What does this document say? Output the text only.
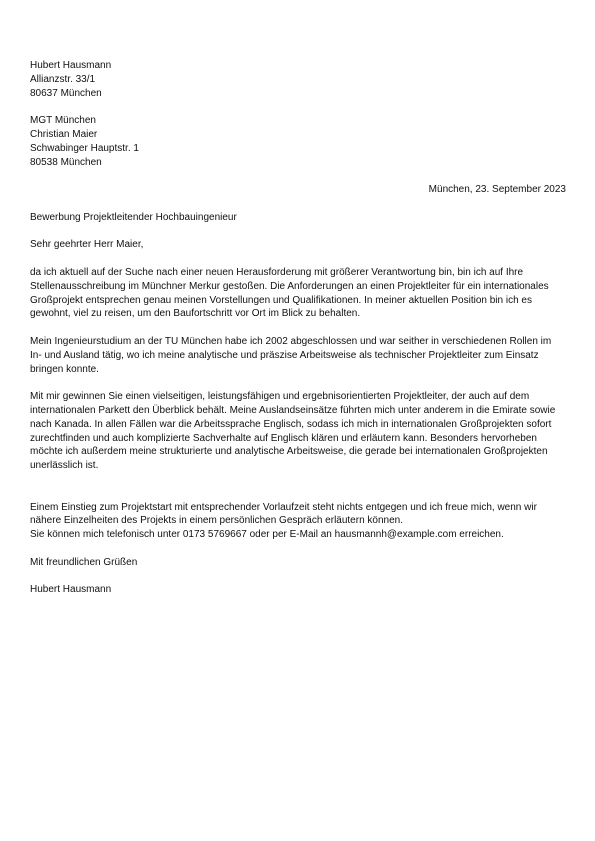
Hubert Hausmann
Allianzstr. 33/1
80637 München
MGT München
Christian Maier
Schwabinger Hauptstr. 1
80538 München
München, 23. September 2023
Bewerbung Projektleitender Hochbauingenieur
Sehr geehrter Herr Maier,
da ich aktuell auf der Suche nach einer neuen Herausforderung mit größerer Verantwortung bin, bin ich auf Ihre
Stellenausschreibung im Münchner Merkur gestoßen. Die Anforderungen an einen Projektleiter für ein internationales
Großprojekt entsprechen genau meinen Vorstellungen und Qualifikationen. In meiner aktuellen Position bin ich es
gewohnt, viel zu reisen, um den Baufortschritt vor Ort im Blick zu behalten.
Mein Ingenieurstudium an der TU München habe ich 2002 abgeschlossen und war seither in verschiedenen Rollen im
In- und Ausland tätig, wo ich meine analytische und präszise Arbeitsweise als technischer Projektleiter zum Einsatz
bringen konnte.
Mit mir gewinnen Sie einen vielseitigen, leistungsfähigen und ergebnisorientierten Projektleiter, der auch auf dem
internationalen Parkett den Überblick behält. Meine Auslandseinsätze führten mich unter anderem in die Emirate sowie
nach Kanada. In allen Fällen war die Arbeitssprache Englisch, sodass ich mich in internationalen Großprojekten sofort
zurechtfinden und auch komplizierte Sachverhalte auf Englisch klären und erläutern kann. Besonders hervorheben
möchte ich außerdem meine strukturierte und analytische Arbeitsweise, die gerade bei internationalen Großprojekten
unerlässlich ist.
Einem Einstieg zum Projektstart mit entsprechender Vorlaufzeit steht nichts entgegen und ich freue mich, wenn wir
nähere Einzelheiten des Projekts in einem persönlichen Gespräch erläutern können.
Sie können mich telefonisch unter 0173 5769667 oder per E-Mail an hausmannh@example.com erreichen.
Mit freundlichen Grüßen
Hubert Hausmann
